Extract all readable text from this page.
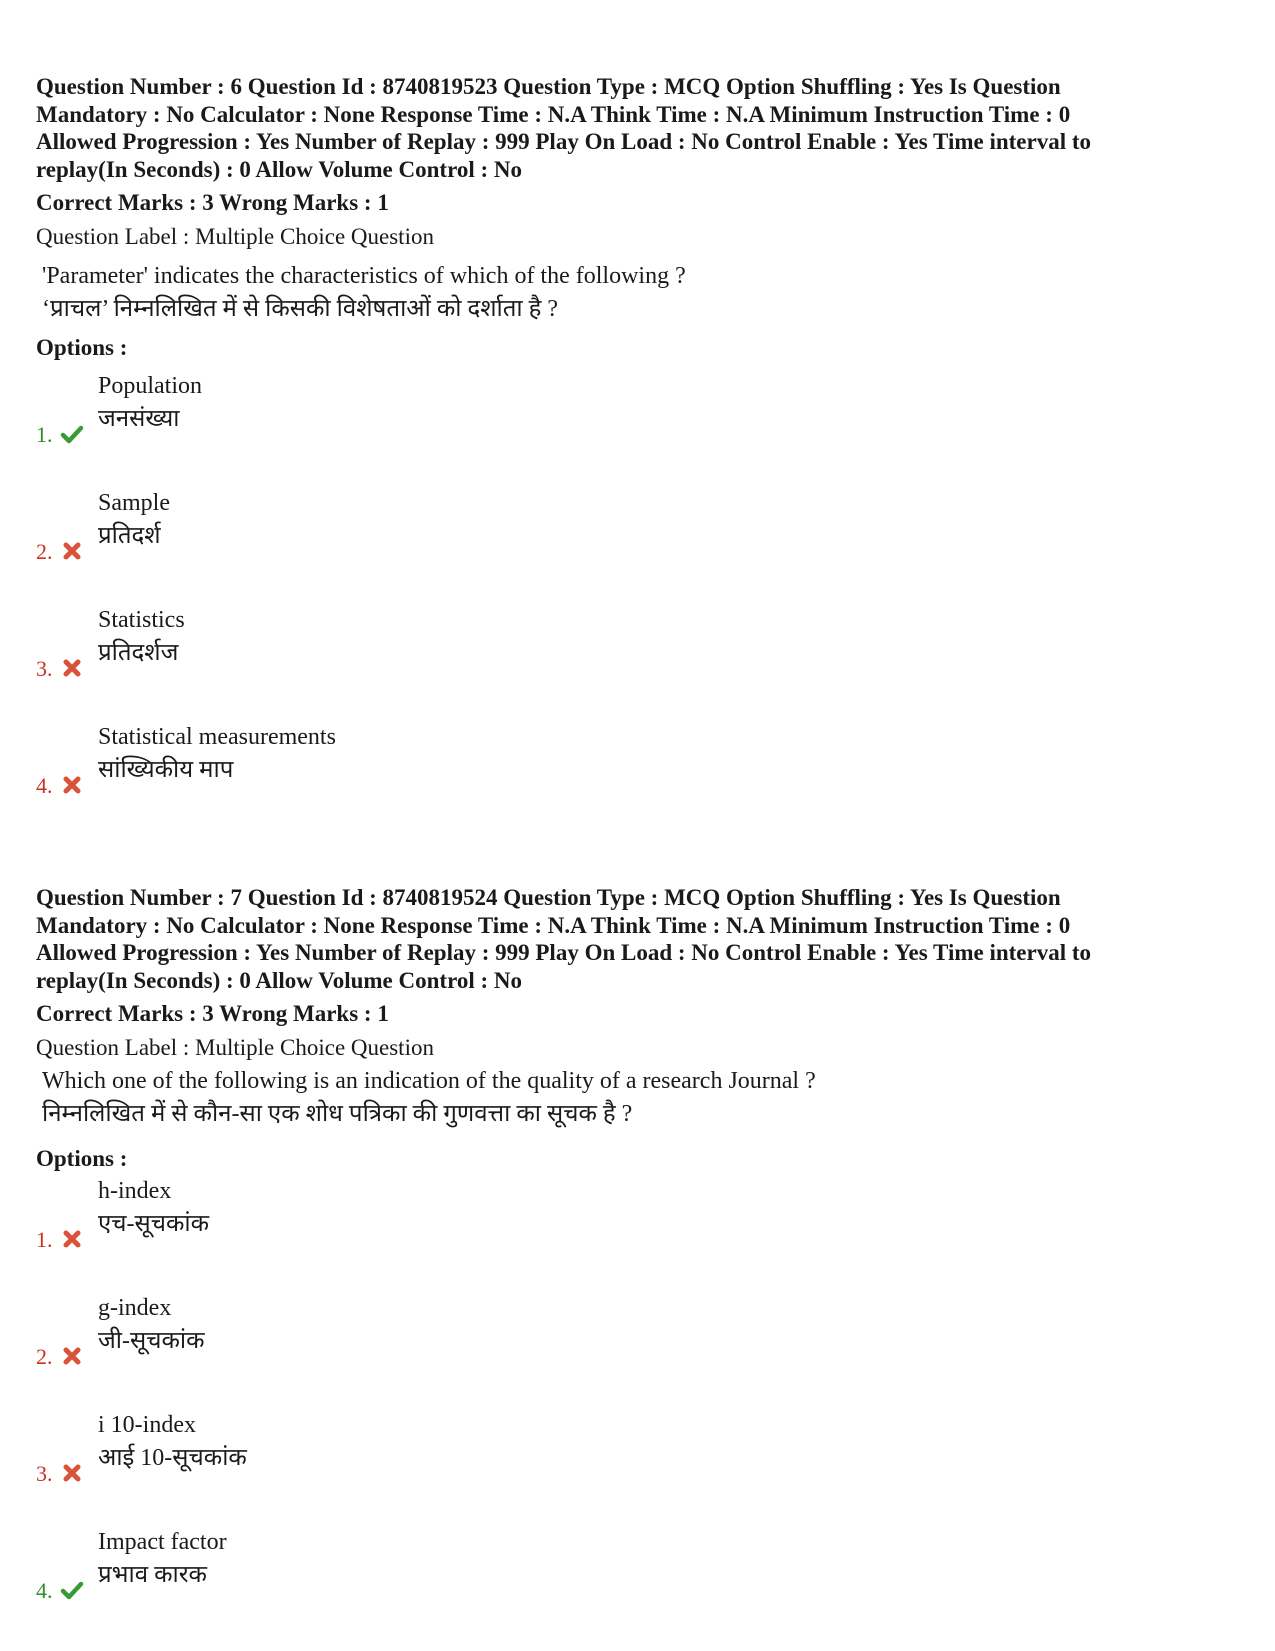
Question Number : 6 Question Id : 8740819523 Question Type : MCQ Option Shuffling : Yes Is Question
Mandatory : No Calculator : None Response Time : N.A Think Time : N.A Minimum Instruction Time : 0
Allowed Progression : Yes Number of Replay : 999 Play On Load : No Control Enable : Yes Time interval to
replay(In Seconds) : 0 Allow Volume Control : No

Correct Marks : 3 Wrong Marks : 1

Question Label : Multiple Choice Question

'Parameter' indicates the characteristics of which of the following ?
‘प्राचल’ निम्नलिखित में से किसकी विशेषताओं को दर्शाता है ?

Options :

Population
जनसंख्या
1.
Sample
प्रतिदर्श
2.
Statistics
प्रतिदर्शज
3.
Statistical measurements
सांख्यिकीय माप
4.

Question Number : 7 Question Id : 8740819524 Question Type : MCQ Option Shuffling : Yes Is Question
Mandatory : No Calculator : None Response Time : N.A Think Time : N.A Minimum Instruction Time : 0
Allowed Progression : Yes Number of Replay : 999 Play On Load : No Control Enable : Yes Time interval to
replay(In Seconds) : 0 Allow Volume Control : No

Correct Marks : 3 Wrong Marks : 1

Question Label : Multiple Choice Question

Which one of the following is an indication of the quality of a research Journal ?
निम्नलिखित में से कौन-सा एक शोध पत्रिका की गुणवत्ता का सूचक है ?

Options :

h-index
एच-सूचकांक
1.
g-index
जी-सूचकांक
2.
i 10-index
आई 10-सूचकांक
3.
Impact factor
प्रभाव कारक
4.
